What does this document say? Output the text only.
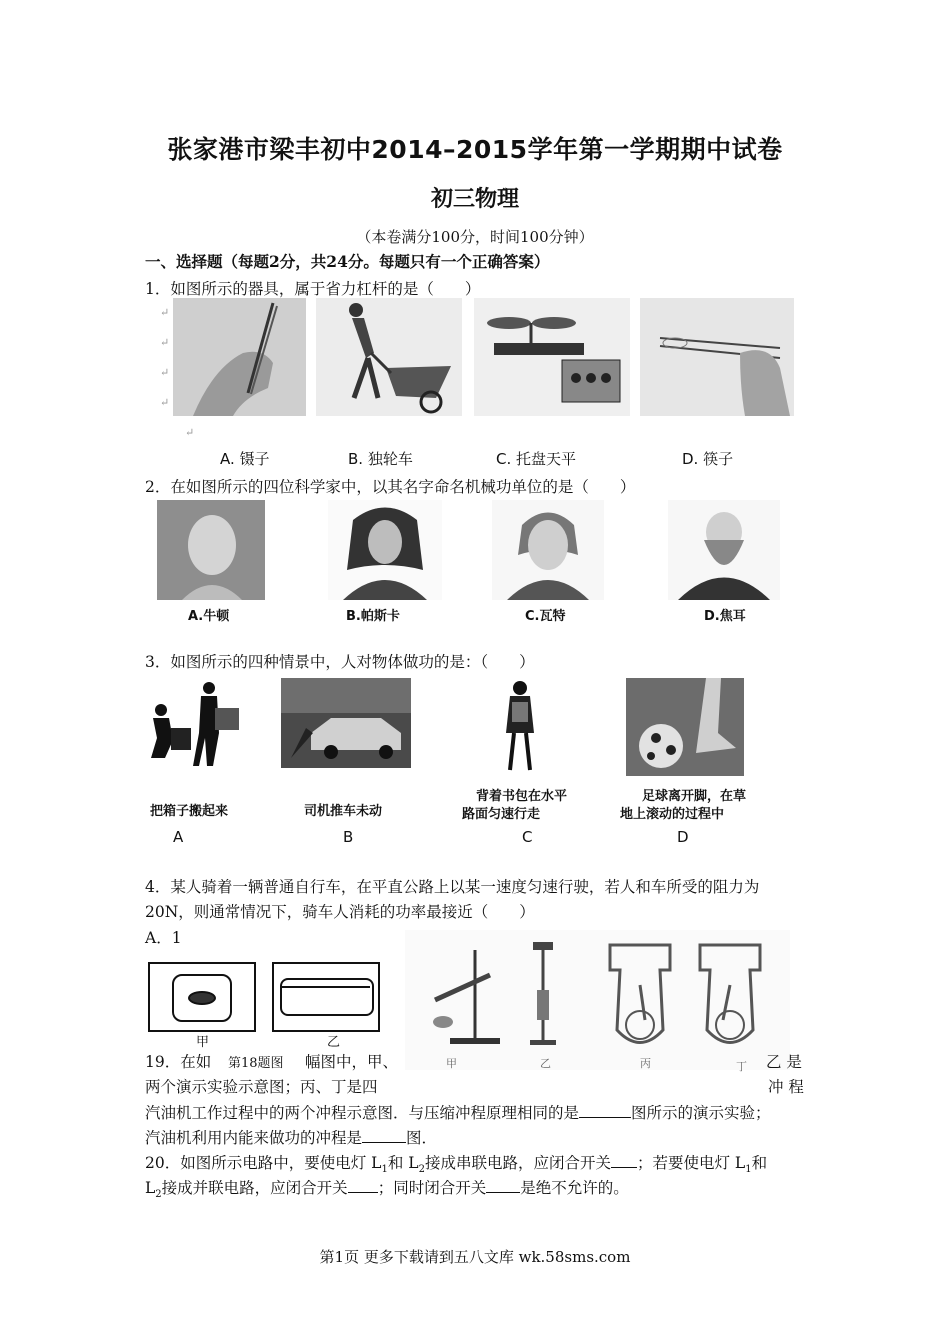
张家港市梁丰初中2014–2015学年第一学期期中试卷
初三物理
（本卷满分100分，时间100分钟）
一、选择题（每题2分，共24分。每题只有一个正确答案）
1．如图所示的器具，属于省力杠杆的是（　　）
↵
↵
↵
↵
↵
A. 镊子	B. 独轮车	C. 托盘天平	D. 筷子
2．在如图所示的四位科学家中，以其名字命名机械功单位的是（　　）
A.牛顿	B.帕斯卡	C.瓦特	D.焦耳
3．如图所示的四种情景中，人对物体做功的是：（　　）
把箱子搬起来	司机推车未动
背着书包在水平
路面匀速行走
足球离开脚，在草
地上滚动的过程中
A	B	C	D
4．某人骑着一辆普通自行车，在平直公路上以某一速度匀速行驶，若人和车所受的阻力为
20N，则通常情况下，骑车人消耗的功率最接近（　　）
A．1
甲	乙
甲	乙	丙	丁
19．在如 第18题图 幅图中，甲、	乙 是
两个演示实验示意图；丙、丁是四	冲 程
汽油机工作过程中的两个冲程示意图．与压缩冲程原理相同的是	图所示的演示实验；
汽油机利用内能来做功的冲程是	图．
20．如图所示电路中，要使电灯 $L_1$和 $L_2$接成串联电路，应闭合开关 ；若要使电灯 $L_1$和
$L_2$接成并联电路，应闭合开关 ；同时闭合开关 是绝不允许的。
第1页 更多下载请到五八文库 wk.58sms.com
